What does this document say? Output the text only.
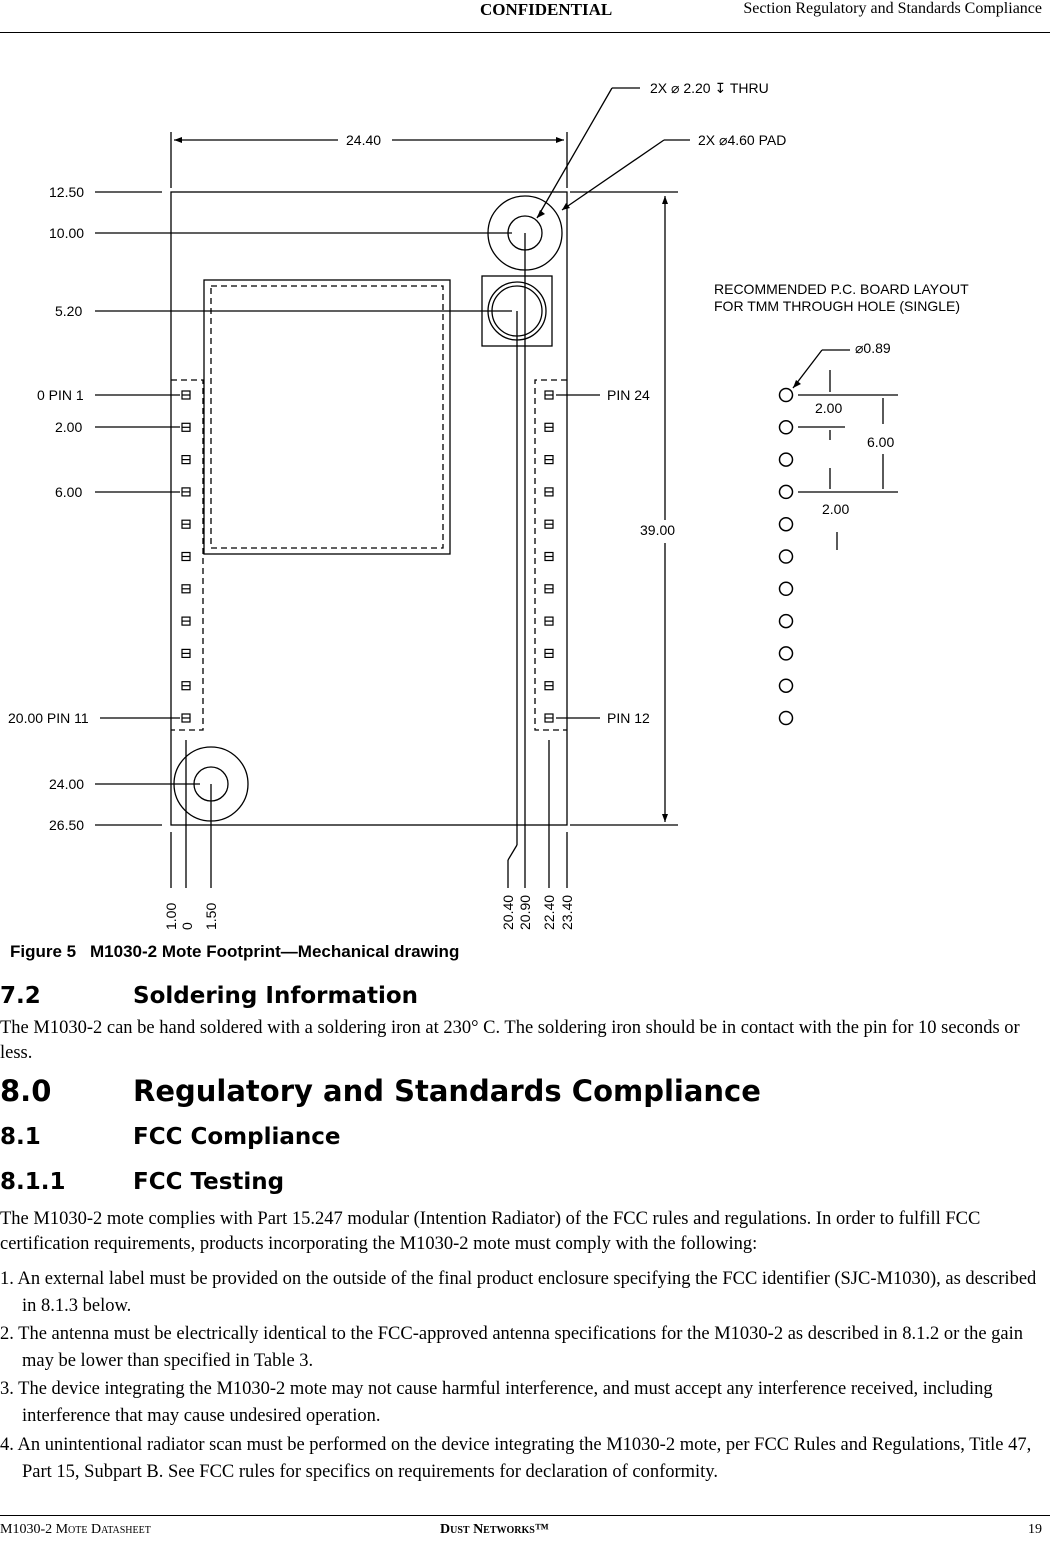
CONFIDENTIAL	Section Regulatory and Standards Compliance
24.40
39.00
2X ⌀ 2.20 ↧ THRU
2X ⌀4.60 PAD
⌀0.89
2.00
2.00
6.00
RECOMMENDED P.C. BOARD LAYOUT
FOR TMM THROUGH HOLE (SINGLE)
12.50
10.00
5.20
0 PIN 1
2.00
6.00
20.00 PIN 11
24.00
26.50
PIN 24
PIN 12
1.00 0 1.50	20.40 20.90 22.40 23.40
Figure 5 M1030-2 Mote Footprint—Mechanical drawing
7.2	Soldering Information
The M1030-2 can be hand soldered with a soldering iron at 230° C. The soldering iron should be in contact with the pin for 10 seconds or less.
8.0	Regulatory and Standards Compliance
8.1	FCC Compliance
8.1.1	FCC Testing
The M1030-2 mote complies with Part 15.247 modular (Intention Radiator) of the FCC rules and regulations. In order to fulfill FCC certification requirements, products incorporating the M1030-2 mote must comply with the following:
1. An external label must be provided on the outside of the final product enclosure specifying the FCC identifier (SJC-M1030), as described in 8.1.3 below.
2. The antenna must be electrically identical to the FCC-approved antenna specifications for the M1030-2 as described in 8.1.2 or the gain may be lower than specified in Table 3.
3. The device integrating the M1030-2 mote may not cause harmful interference, and must accept any interference received, including interference that may cause undesired operation.
4. An unintentional radiator scan must be performed on the device integrating the M1030-2 mote, per FCC Rules and Regulations, Title 47, Part 15, Subpart B. See FCC rules for specifics on requirements for declaration of conformity.
M1030-2 Mote Datasheet	Dust Networks™	19
